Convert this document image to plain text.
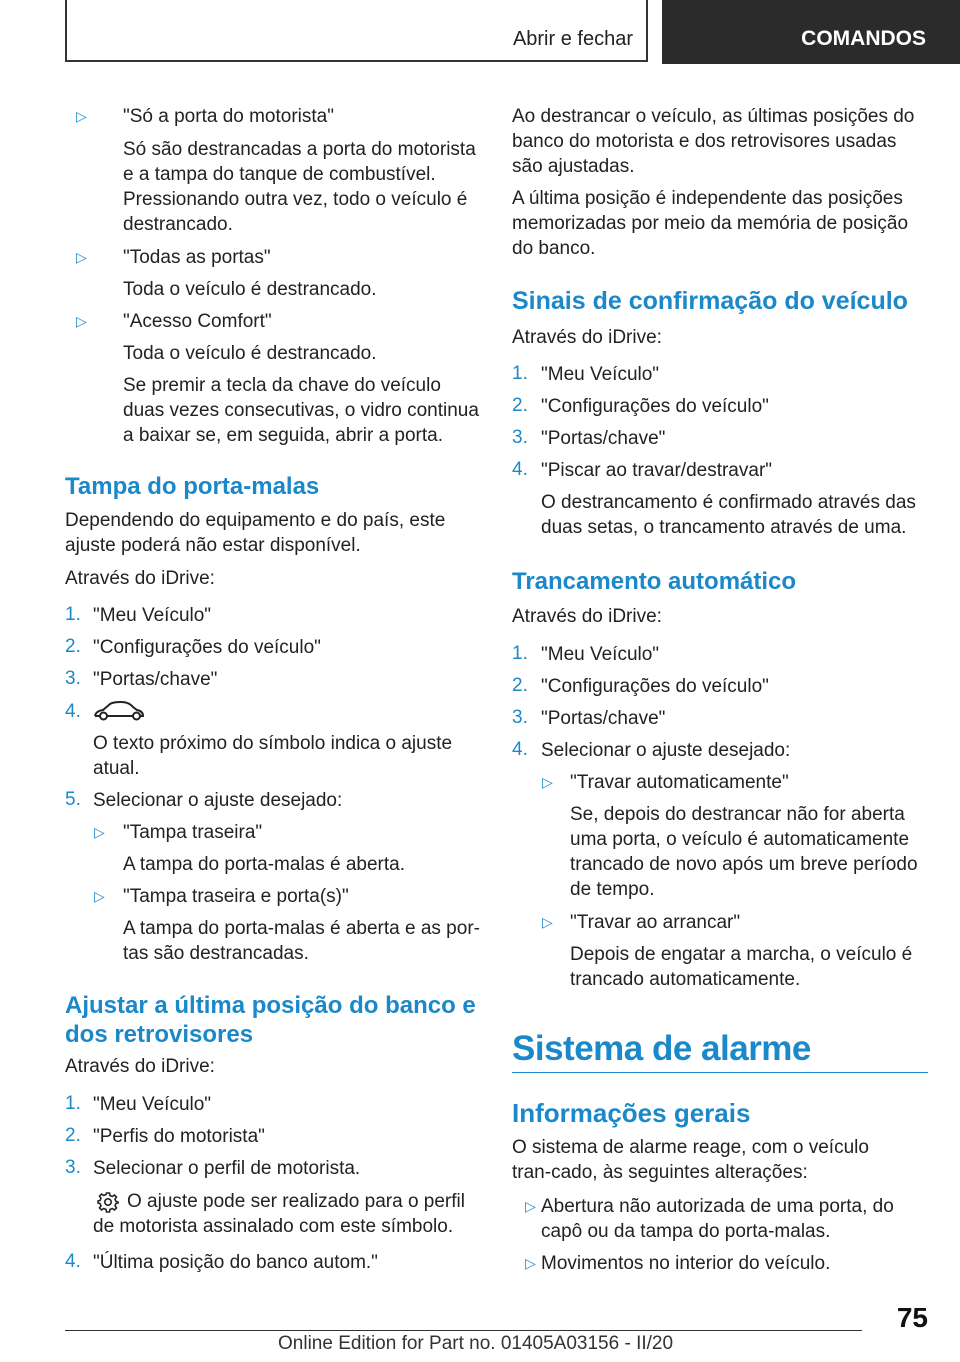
Abrir e fechar	COMANDOS
▷ "Só a porta do motorista"

Só são destrancadas a porta do motorista e a tampa do tanque de combustível. Pressionando outra vez, todo o veículo é destrancado.

▷ "Todas as portas"

Toda o veículo é destrancado.

▷ "Acesso Comfort"

Toda o veículo é destrancado.

Se premir a tecla da chave do veículo duas vezes consecutivas, o vidro continua a baixar se, em seguida, abrir a porta.

Tampa do porta-malas

Dependendo do equipamento e do país, este ajuste poderá não estar disponível.

Através do iDrive:

1. "Meu Veículo"

2. "Configurações do veículo"

3. "Portas/chave"

4.

O texto próximo do símbolo indica o ajuste atual.

5. Selecionar o ajuste desejado:

▷ "Tampa traseira"

A tampa do porta-malas é aberta.

▷ "Tampa traseira e porta(s)"

A tampa do porta-malas é aberta e as por-tas são destrancadas.

Ajustar a última posição do banco e dos retrovisores

Através do iDrive:

1. "Meu Veículo"

2. "Perfis do motorista"

3. Selecionar o perfil de motorista.

O ajuste pode ser realizado para o perfil de motorista assinalado com este símbolo.

4. "Última posição do banco autom."

Ao destrancar o veículo, as últimas posições do banco do motorista e dos retrovisores usadas são ajustadas.

A última posição é independente das posições memorizadas por meio da memória de posição do banco.

Sinais de confirmação do veículo

Através do iDrive:

1. "Meu Veículo"

2. "Configurações do veículo"

3. "Portas/chave"

4. "Piscar ao travar/destravar"

O destrancamento é confirmado através das duas setas, o trancamento através de uma.

Trancamento automático

Através do iDrive:

1. "Meu Veículo"

2. "Configurações do veículo"

3. "Portas/chave"

4. Selecionar o ajuste desejado:

▷ "Travar automaticamente"

Se, depois do destrancar não for aberta uma porta, o veículo é automaticamente trancado de novo após um breve período de tempo.

▷ "Travar ao arrancar"

Depois de engatar a marcha, o veículo é trancado automaticamente.

Sistema de alarme
Informações gerais

O sistema de alarme reage, com o veículo tran-cado, às seguintes alterações:

▷ Abertura não autorizada de uma porta, do capô ou da tampa do porta-malas.

▷ Movimentos no interior do veículo.

75
Online Edition for Part no. 01405A03156 - II/20
